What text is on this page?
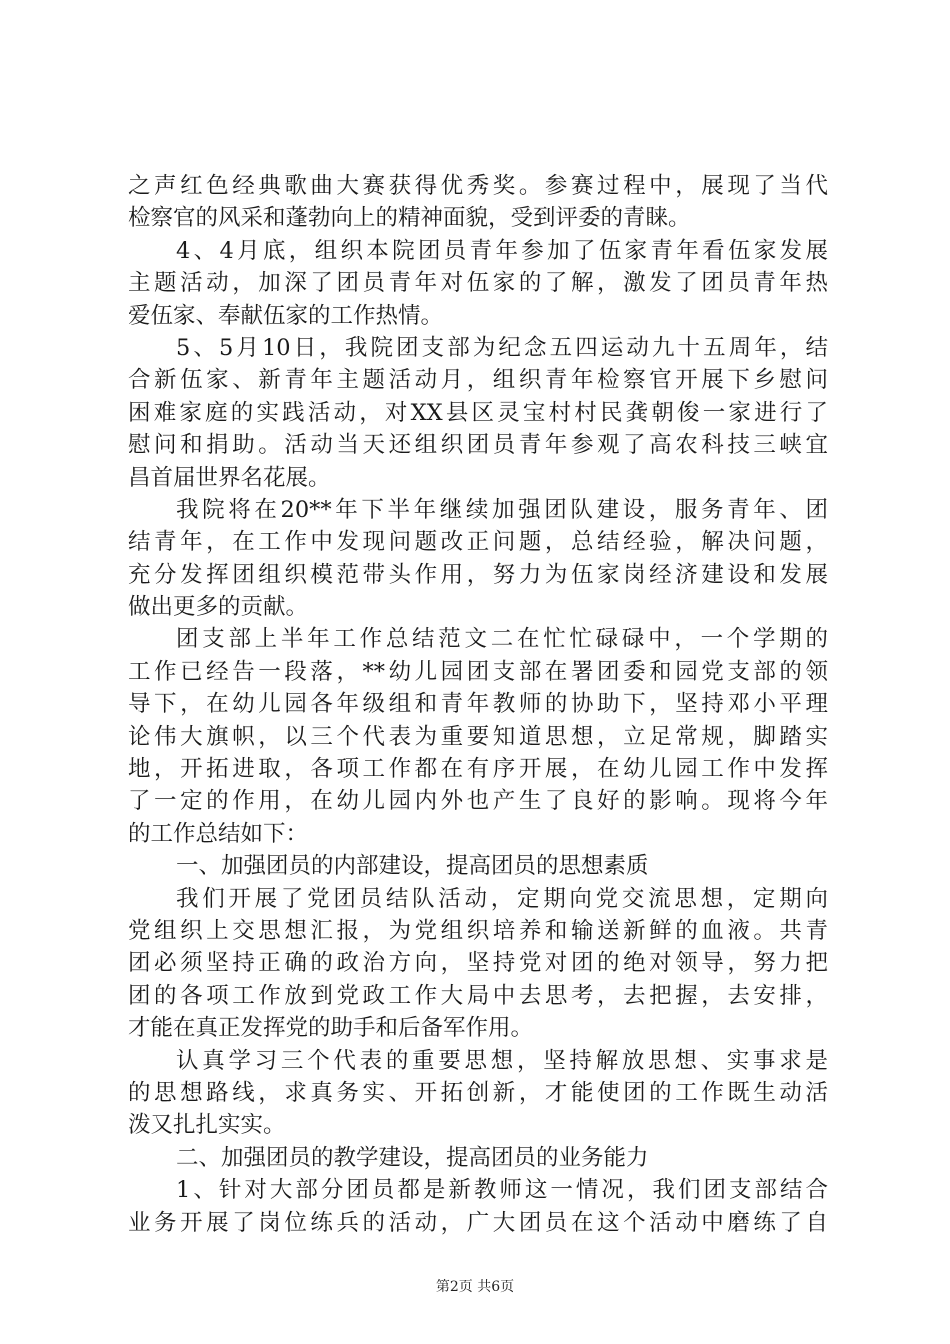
之声红色经典歌曲大赛获得优秀奖。参赛过程中，展现了当代
检察官的风采和蓬勃向上的精神面貌，受到评委的青睐。
4、4月底，组织本院团员青年参加了伍家青年看伍家发展
主题活动，加深了团员青年对伍家的了解，激发了团员青年热
爱伍家、奉献伍家的工作热情。
5、5月10日，我院团支部为纪念五四运动九十五周年，结
合新伍家、新青年主题活动月，组织青年检察官开展下乡慰问
困难家庭的实践活动，对XX县区灵宝村村民龚朝俊一家进行了
慰问和捐助。活动当天还组织团员青年参观了高农科技三峡宜
昌首届世界名花展。
我院将在20**年下半年继续加强团队建设，服务青年、团
结青年，在工作中发现问题改正问题，总结经验，解决问题，
充分发挥团组织模范带头作用，努力为伍家岗经济建设和发展
做出更多的贡献。
团支部上半年工作总结范文二在忙忙碌碌中，一个学期的
工作已经告一段落，**幼儿园团支部在署团委和园党支部的领
导下，在幼儿园各年级组和青年教师的协助下，坚持邓小平理
论伟大旗帜，以三个代表为重要知道思想，立足常规，脚踏实
地，开拓进取，各项工作都在有序开展，在幼儿园工作中发挥
了一定的作用，在幼儿园内外也产生了良好的影响。现将今年
的工作总结如下：
一、加强团员的内部建设，提高团员的思想素质
我们开展了党团员结队活动，定期向党交流思想，定期向
党组织上交思想汇报，为党组织培养和输送新鲜的血液。共青
团必须坚持正确的政治方向，坚持党对团的绝对领导，努力把
团的各项工作放到党政工作大局中去思考，去把握，去安排，
才能在真正发挥党的助手和后备军作用。
认真学习三个代表的重要思想，坚持解放思想、实事求是
的思想路线，求真务实、开拓创新，才能使团的工作既生动活
泼又扎扎实实。
二、加强团员的教学建设，提高团员的业务能力
1、针对大部分团员都是新教师这一情况，我们团支部结合
业务开展了岗位练兵的活动，广大团员在这个活动中磨练了自
第2页 共6页
